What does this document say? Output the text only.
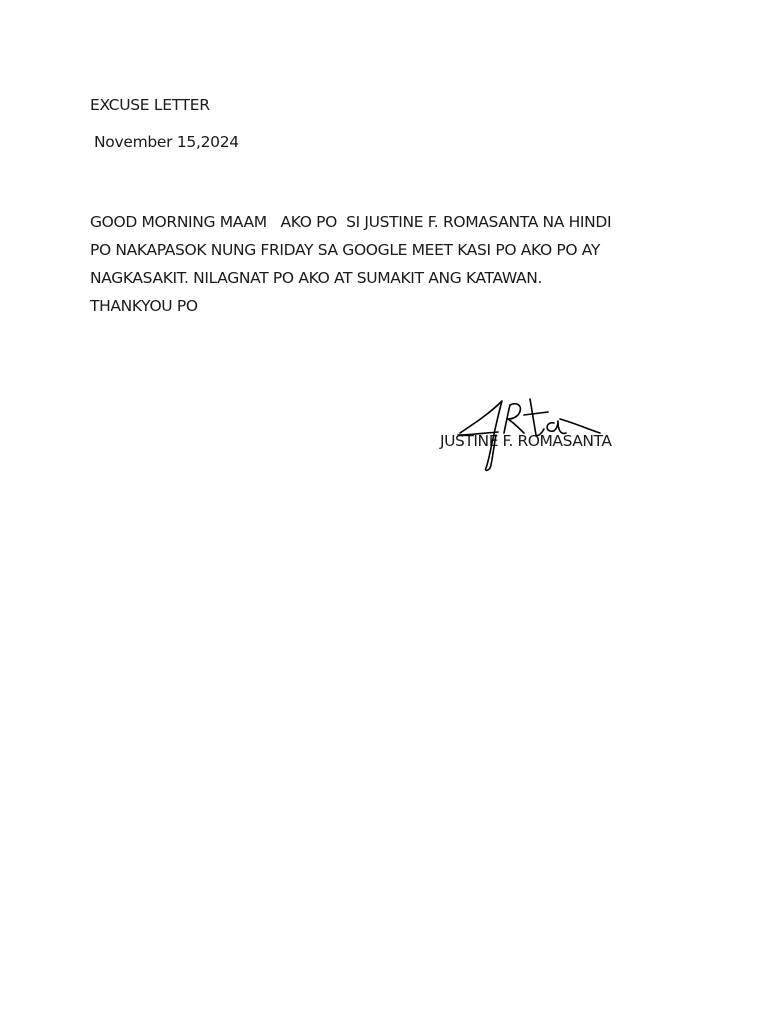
EXCUSE LETTER
November 15,2024
GOOD MORNING MAAM   AKO PO  SI JUSTINE F. ROMASANTA NA HINDI
PO NAKAPASOK NUNG FRIDAY SA GOOGLE MEET KASI PO AKO PO AY
NAGKASAKIT. NILAGNAT PO AKO AT SUMAKIT ANG KATAWAN.
THANKYOU PO
JUSTINE F. ROMASANTA
